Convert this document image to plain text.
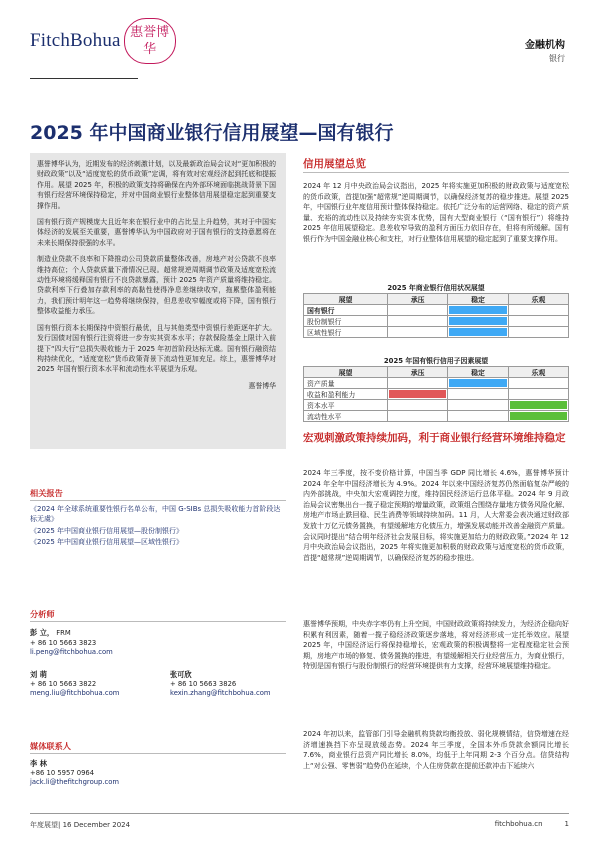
FitchBohua 惠誉博华	金融机构
银行
2025 年中国商业银行信用展望—国有银行

惠誉博华认为，近期发布的经济刺激计划，以及最新政治局会议对“更加积极的财政政策”以及“适度宽松的货币政策”定调，将有效对宏观经济起到托底和提振作用。展望 2025 年，积极的政策支持将确保在内外部环境面临挑战背景下国有银行经营环境保持稳定，并对中国商业银行业整体信用展望稳定起到重要支撑作用。

国有银行资产规模庞大且近年来在银行业中的占比呈上升趋势，其对于中国实体经济的发展至关重要，惠誉博华认为中国政府对于国有银行的支持意愿将在未来长期保持很强的水平。

制造业贷款不良率和下降推动公司贷款质量整体改善，房地产对公贷款不良率维持高位；个人贷款质量下滑情况已现。超常规逆周期调节政策及适度宽松流动性环境将缓释国有银行不良贷款暴露，预计 2025 年资产质量将维持稳定。贷款利率下行叠加存款利率的高黏性使得净息差继续收窄，拖累整体盈利能力，我们预计明年这一趋势将继续保持，但息差收窄幅度或将下降，国有银行整体收益能力承压。

国有银行资本长期保持中资银行最优，且与其他类型中资银行差距逐年扩大。发行国债对国有银行注资将进一步夯实其资本水平；存款保险基金上限计入前提下“四大行”总损失吸收能力于 2025 年初首阶段达标无虞。国有银行融资结构持续优化，“适度宽松”货币政策背景下流动性更加充足。综上，惠誉博华对 2025 年国有银行资本水平和流动性水平展望为乐观。

惠誉博华

相关报告
《2024 年全球系统重要性银行名单公布，中国 G-SIBs 总损失吸收能力首阶段达标无虞》
《2025 年中国商业银行信用展望—股份制银行》
《2025 年中国商业银行信用展望—区域性银行》
分析师
彭 立， FRM
+ 86 10 5663 3823
li.peng@fitchbohua.com
刘 萌
+ 86 10 5663 3822
meng.liu@fitchbohua.com
张可欣
+ 86 10 5663 3826
kexin.zhang@fitchbohua.com
媒体联系人
李 林
+86 10 5957 0964
jack.li@thefitchgroup.com
信用展望总览

2024 年 12 月中央政治局会议指出，2025 年将实施更加积极的财政政策与适度宽松的货币政策，首提加强“超常规”逆周期调节，以确保经济复苏的稳步推进。展望 2025 年，中国银行业年度信用预计整体保持稳定。依托广泛分布的运营网络、稳定的资产质量、充裕的流动性以及持续夯实资本优势，国有大型商业银行（“国有银行”）将维持 2025 年信用展望稳定。息差收窄导致的盈利方面压力依旧存在，但将有所缓解。国有银行作为中国金融业核心和支柱，对行业整体信用展望的稳定起到了重要支撑作用。

2025 年商业银行信用状况展望			
展望	承压	稳定	乐观
国有银行		

股份制银行		

区域性银行		

2025 年国有银行信用子因素展望			
展望	承压	稳定	乐观
资产质量		

收益和盈利能力	

资本水平			

流动性水平			
宏观刺激政策持续加码，利于商业银行经营环境维持稳定

2024 年三季度，按不变价格计算，中国当季 GDP 同比增长 4.6%，惠誉博华预计 2024 年全年中国经济增长为 4.9%。2024 年以来中国经济复苏仍然面临复杂严峻的内外部挑战，中央加大宏观调控力度，维持国民经济运行总体平稳。2024 年 9 月政治局会议密集出台一揽子稳定预期的增量政策，政策组合围绕存量地方债务风险化解、房地产市场止跌回稳、民生消费等领域持续加码。11 月，人大常委会表决通过财政部发放十万亿元债务置换，有望缓解地方化债压力，增强发展动能并改善金融资产质量。会议同时提出“结合明年经济社会发展目标，将实施更加给力的财政政策。”2024 年 12 月中央政治局会议指出，2025 年将实施更加积极的财政政策与适度宽松的货币政策，首提“超常规”逆周期调节，以确保经济复苏的稳步推进。

惠誉博华预期，中央赤字率仍有上升空间，中国财政政策将持续发力，为经济企稳向好积累有利因素，随着一揽子稳经济政策逐步落地，将对经济形成一定托举效应。展望 2025 年，中国经济运行将保持稳增长，宏观政策的积极调整将一定程度稳定社会预期，房地产市场的修复、债务置换的推进，有望缓解相关行业经营压力，为商业银行，特别是国有银行与股份制银行的经营环境提供有力支撑，经营环境展望维持稳定。

2024 年初以来，监管部门引导金融机构贷款均衡投放、弱化规模情结，信贷增速在经济增速换挡下亦呈现放缓态势。2024 年三季度，全国本外币贷款余额同比增长 7.6%，商业银行总资产同比增长 8.0%，均低于上年同期 2-3 个百分点。信贷结构上“对公强、零售弱”趋势仍在延续，个人住房贷款在提前还款冲击下延续六

年度展望| 16 December 2024	fitchbohua.cn	1
